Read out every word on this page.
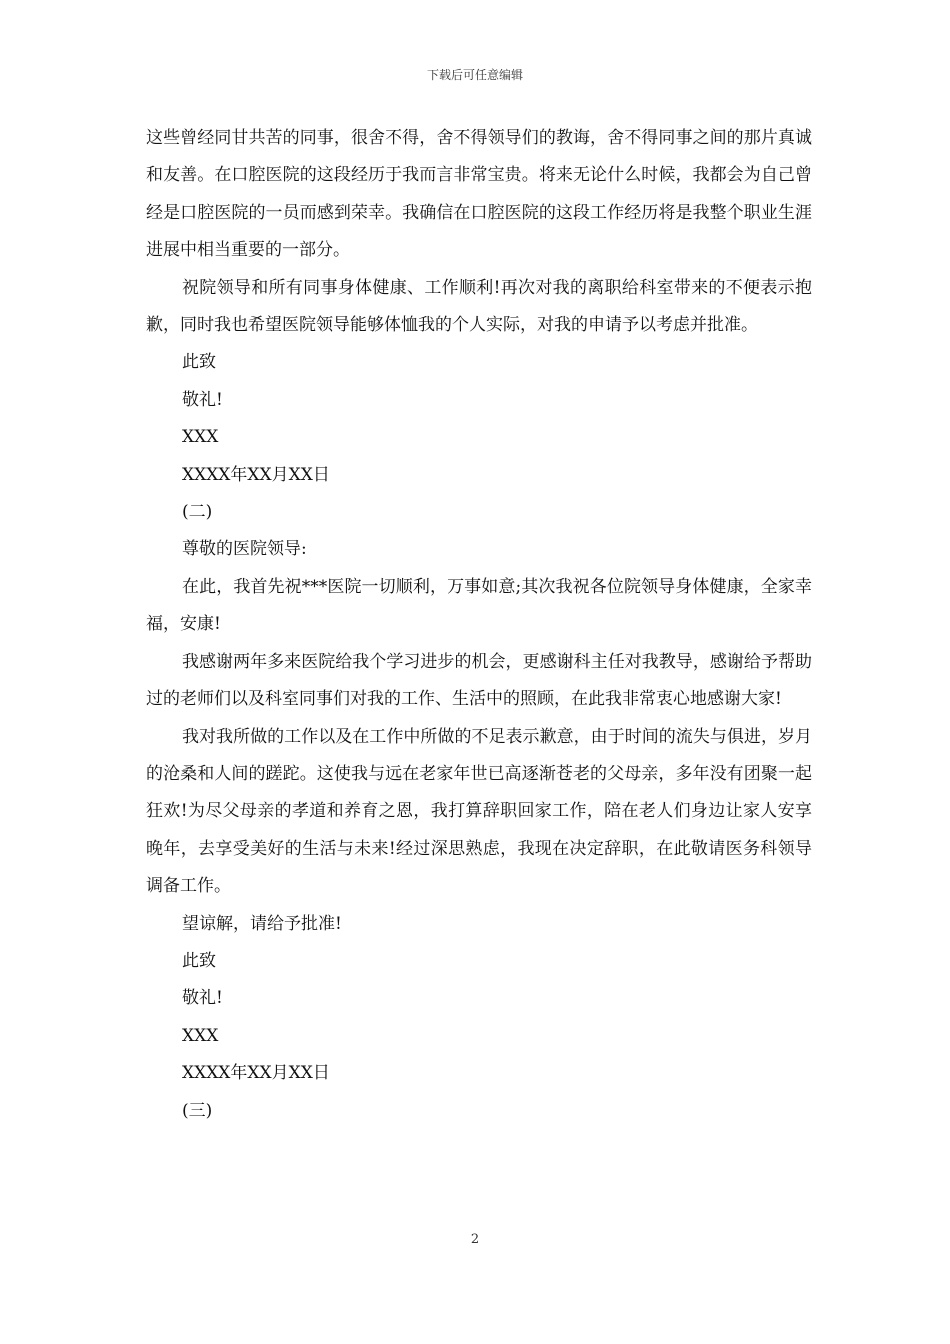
下载后可任意编辑

这些曾经同甘共苦的同事，很舍不得，舍不得领导们的教诲，舍不得同事之间的那片真诚和友善。在口腔医院的这段经历于我而言非常宝贵。将来无论什么时候，我都会为自己曾经是口腔医院的一员而感到荣幸。我确信在口腔医院的这段工作经历将是我整个职业生涯进展中相当重要的一部分。

祝院领导和所有同事身体健康、工作顺利!再次对我的离职给科室带来的不便表示抱歉，同时我也希望医院领导能够体恤我的个人实际，对我的申请予以考虑并批准。

此致

敬礼!

XXX

XXXX年XX月XX日

(二)

尊敬的医院领导:

在此，我首先祝***医院一切顺利，万事如意;其次我祝各位院领导身体健康，全家幸福，安康!

我感谢两年多来医院给我个学习进步的机会，更感谢科主任对我教导，感谢给予帮助过的老师们以及科室同事们对我的工作、生活中的照顾，在此我非常衷心地感谢大家!

我对我所做的工作以及在工作中所做的不足表示歉意，由于时间的流失与俱进，岁月的沧桑和人间的蹉跎。这使我与远在老家年世已高逐渐苍老的父母亲，多年没有团聚一起狂欢!为尽父母亲的孝道和养育之恩，我打算辞职回家工作，陪在老人们身边让家人安享晚年，去享受美好的生活与未来!经过深思熟虑，我现在决定辞职，在此敬请医务科领导调备工作。

望谅解，请给予批准!

此致

敬礼!

XXX

XXXX年XX月XX日

(三)

2
